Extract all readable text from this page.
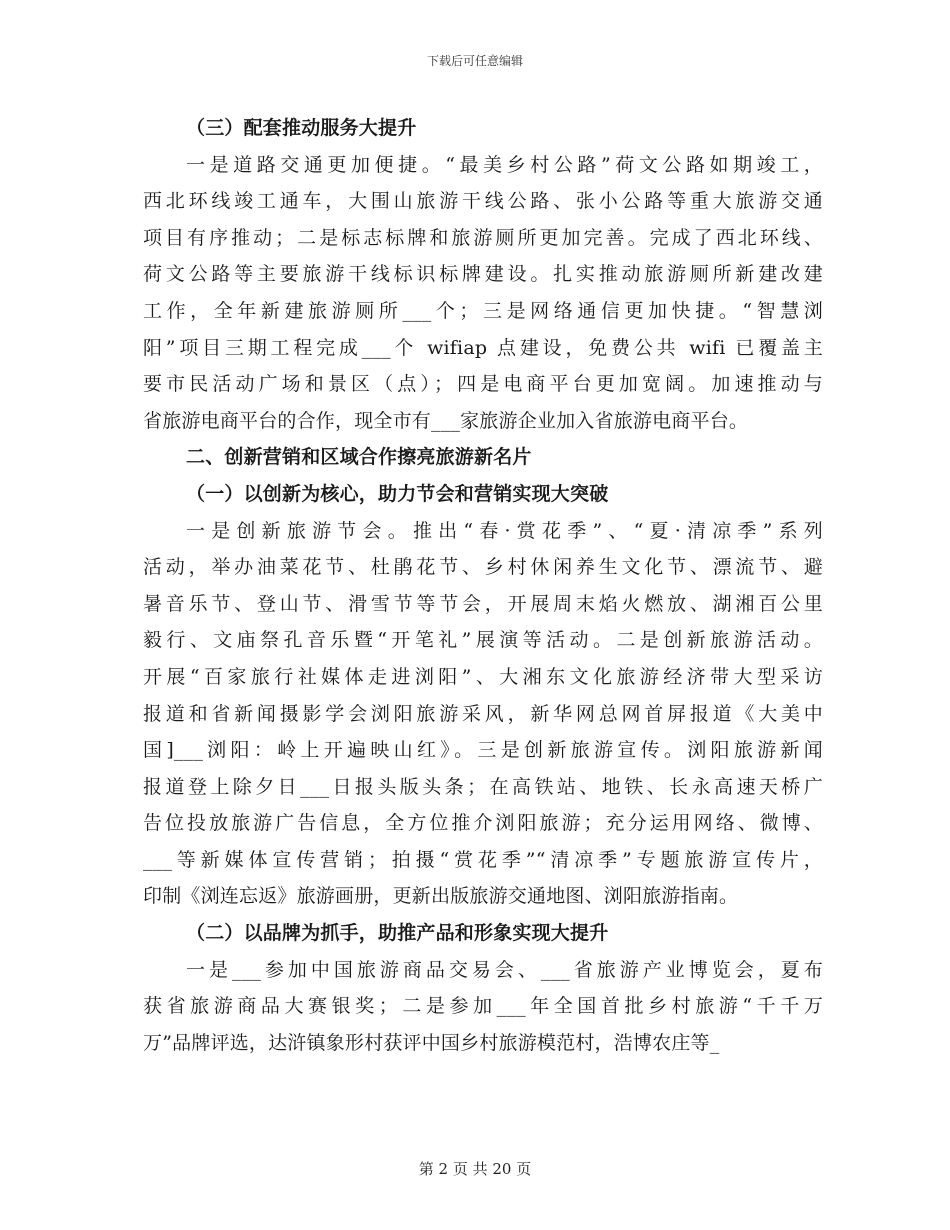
下载后可任意编辑
（三）配套推动服务大提升
一是道路交通更加便捷。“最美乡村公路”荷文公路如期竣工，
西北环线竣工通车，大围山旅游干线公路、张小公路等重大旅游交通
项目有序推动；二是标志标牌和旅游厕所更加完善。完成了西北环线、
荷文公路等主要旅游干线标识标牌建设。扎实推动旅游厕所新建改建
工作，全年新建旅游厕所___个；三是网络通信更加快捷。“智慧浏
阳”项目三期工程完成___个 wifiap 点建设，免费公共 wifi 已覆盖主
要市民活动广场和景区（点）；四是电商平台更加宽阔。加速推动与
省旅游电商平台的合作，现全市有___家旅游企业加入省旅游电商平台。
二、创新营销和区域合作擦亮旅游新名片
（一）以创新为核心，助力节会和营销实现大突破
一是创新旅游节会。推出“春·赏花季”、“夏·清凉季”系列
活动，举办油菜花节、杜鹃花节、乡村休闲养生文化节、漂流节、避
暑音乐节、登山节、滑雪节等节会，开展周末焰火燃放、湖湘百公里
毅行、文庙祭孔音乐暨“开笔礼”展演等活动。二是创新旅游活动。
开展“百家旅行社媒体走进浏阳”、大湘东文化旅游经济带大型采访
报道和省新闻摄影学会浏阳旅游采风，新华网总网首屏报道《大美中
国]___浏阳：岭上开遍映山红》。三是创新旅游宣传。浏阳旅游新闻
报道登上除夕日___日报头版头条；在高铁站、地铁、长永高速天桥广
告位投放旅游广告信息，全方位推介浏阳旅游；充分运用网络、微博、
___等新媒体宣传营销；拍摄“赏花季”“清凉季”专题旅游宣传片，
印制《浏连忘返》旅游画册，更新出版旅游交通地图、浏阳旅游指南。
（二）以品牌为抓手，助推产品和形象实现大提升
一是___参加中国旅游商品交易会、___省旅游产业博览会，夏布
获省旅游商品大赛银奖；二是参加___年全国首批乡村旅游“千千万
万”品牌评选，达浒镇象形村获评中国乡村旅游模范村，浩博农庄等_
第 2 页 共 20 页
